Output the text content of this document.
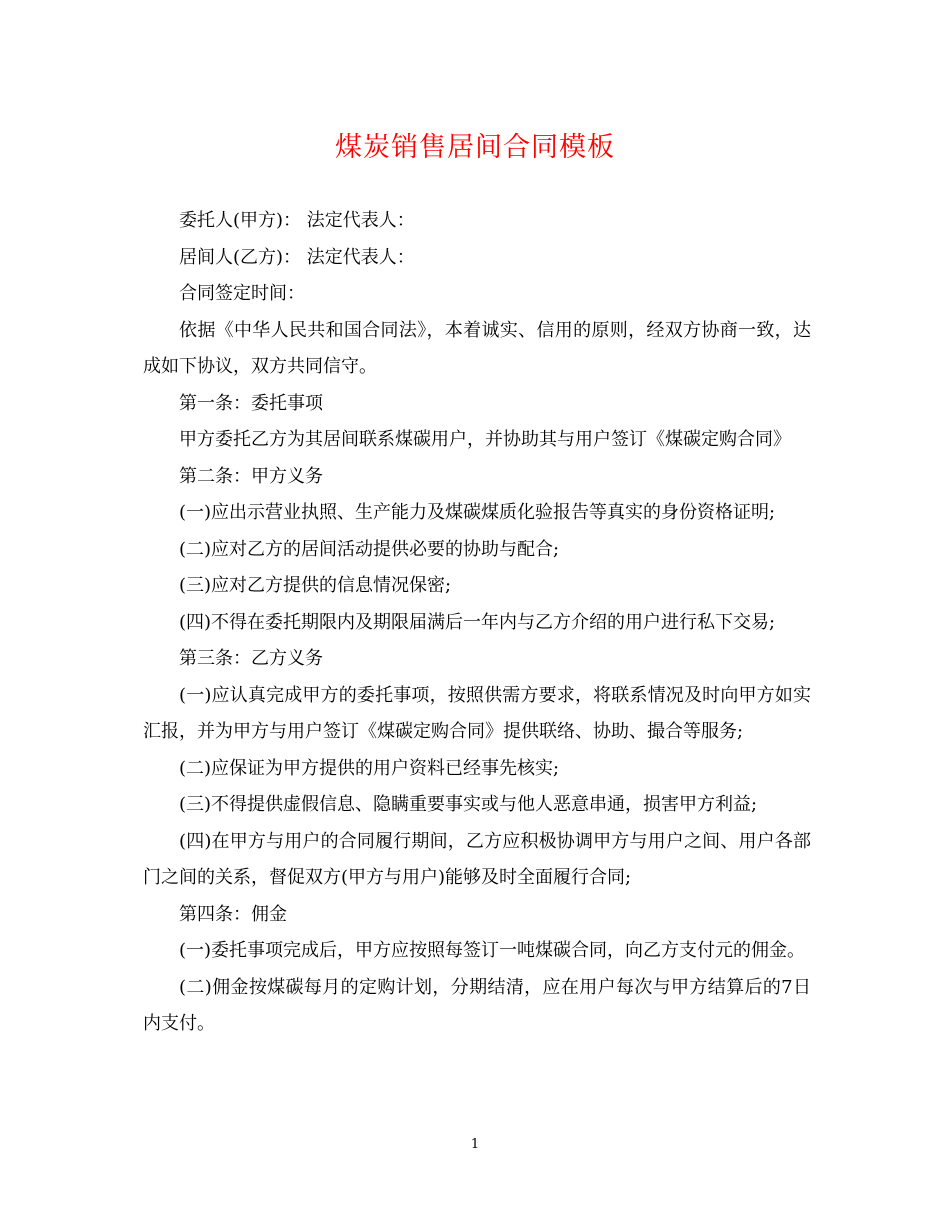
煤炭销售居间合同模板

委托人(甲方)： 法定代表人：

居间人(乙方)： 法定代表人：

合同签定时间：

依据《中华人民共和国合同法》，本着诚实、信用的原则，经双方协商一致，达成如下协议，双方共同信守。

第一条：委托事项

甲方委托乙方为其居间联系煤碳用户，并协助其与用户签订《煤碳定购合同》

第二条：甲方义务

(一)应出示营业执照、生产能力及煤碳煤质化验报告等真实的身份资格证明;

(二)应对乙方的居间活动提供必要的协助与配合;

(三)应对乙方提供的信息情况保密;

(四)不得在委托期限内及期限届满后一年内与乙方介绍的用户进行私下交易;

第三条：乙方义务

(一)应认真完成甲方的委托事项，按照供需方要求，将联系情况及时向甲方如实汇报，并为甲方与用户签订《煤碳定购合同》提供联络、协助、撮合等服务;

(二)应保证为甲方提供的用户资料已经事先核实;

(三)不得提供虚假信息、隐瞒重要事实或与他人恶意串通，损害甲方利益;

(四)在甲方与用户的合同履行期间，乙方应积极协调甲方与用户之间、用户各部门之间的关系，督促双方(甲方与用户)能够及时全面履行合同;

第四条：佣金

(一)委托事项完成后，甲方应按照每签订一吨煤碳合同，向乙方支付元的佣金。

(二)佣金按煤碳每月的定购计划，分期结清，应在用户每次与甲方结算后的7日内支付。

1
